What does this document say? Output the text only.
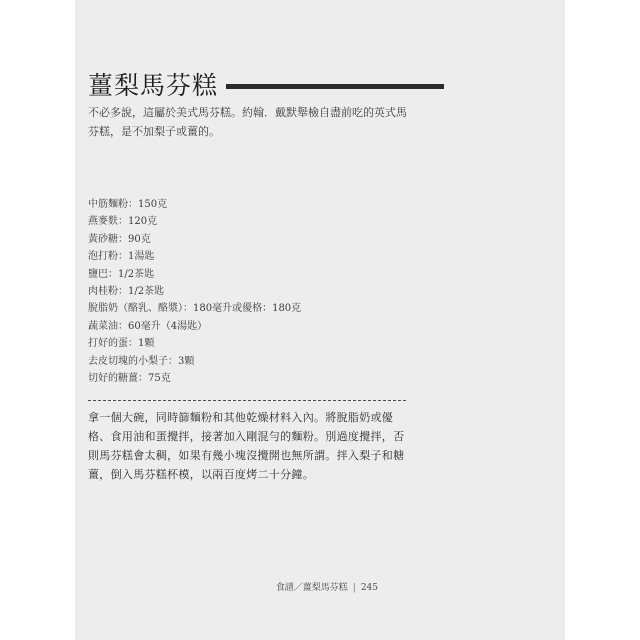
薑梨馬芬糕

不必多說，這屬於美式馬芬糕。約翰．戴默舉檢自盡前吃的英式馬芬糕，是不加梨子或薑的。

中筋麵粉：150克
燕麥麩：120克
黃砂糖：90克
泡打粉：1湯匙
鹽巴：1/2茶匙
肉桂粉：1/2茶匙
脫脂奶（酪乳、酪漿）：180毫升或優格：180克
蔬菜油：60毫升（4湯匙）
打好的蛋：1顆
去皮切塊的小梨子：3顆
切好的糖薑：75克

拿一個大碗，同時篩麵粉和其他乾燥材料入內。將脫脂奶或優格、食用油和蛋攪拌，接著加入剛混勻的麵粉。別過度攪拌，否則馬芬糕會太稠，如果有幾小塊沒攪開也無所謂。拌入梨子和糖薑，倒入馬芬糕杯模，以兩百度烤二十分鐘。

食譜／薑梨馬芬糕 | 245
